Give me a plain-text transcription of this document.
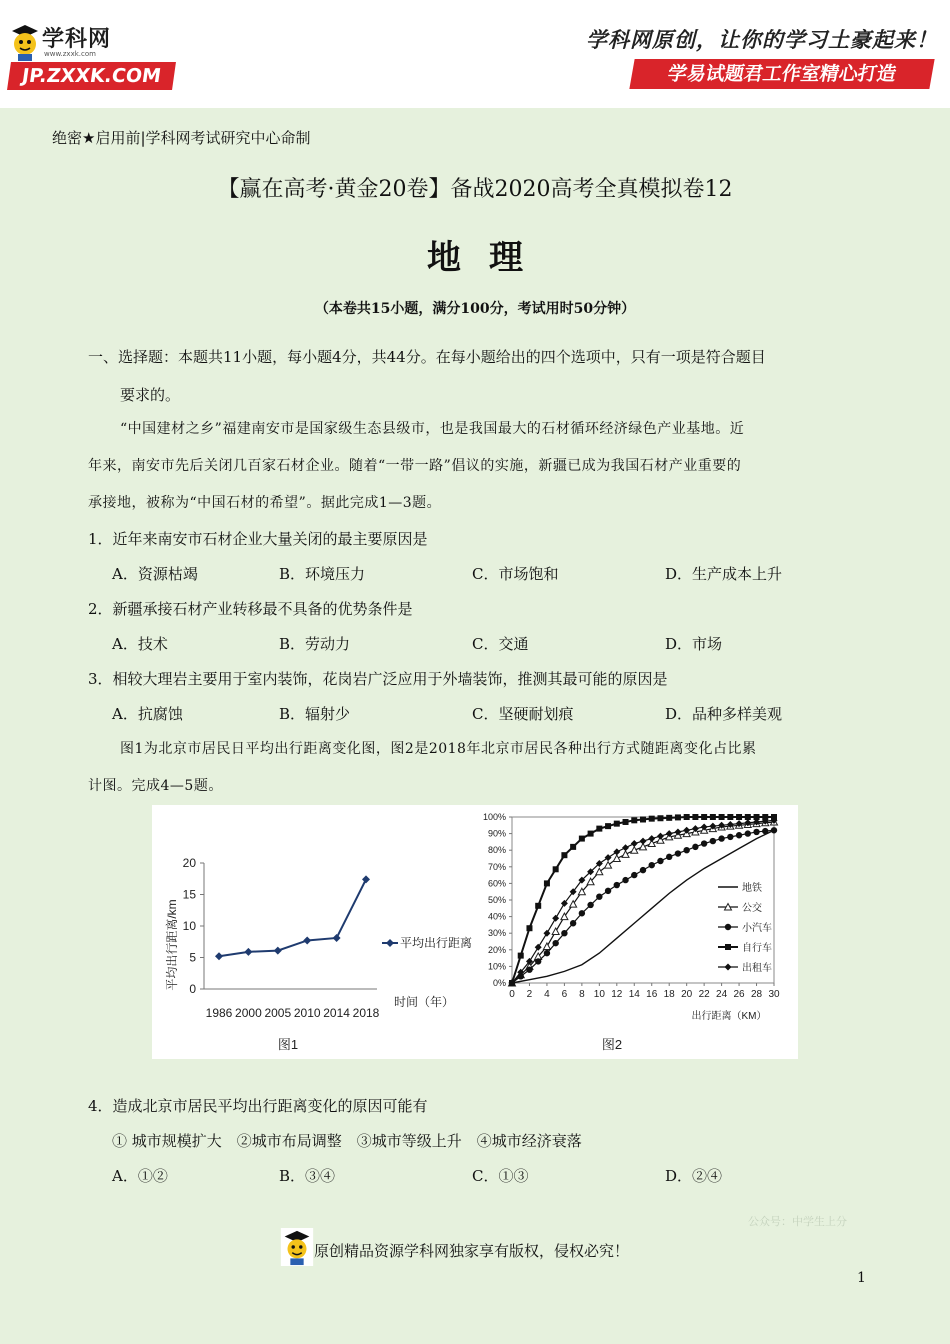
学科网
www.zxxk.com
JP.ZXXK.COM
学科网原创，让你的学习土豪起来！
学易试题君工作室精心打造
绝密★启用前|学科网考试研究中心命制
【赢在高考·黄金20卷】备战2020高考全真模拟卷12
地理
（本卷共15小题，满分100分，考试用时50分钟）
一、选择题：本题共11小题，每小题4分，共44分。在每小题给出的四个选项中，只有一项是符合题目
要求的。
“中国建材之乡”福建南安市是国家级生态县级市，也是我国最大的石材循环经济绿色产业基地。近
年来，南安市先后关闭几百家石材企业。随着“一带一路”倡议的实施，新疆已成为我国石材产业重要的
承接地，被称为“中国石材的希望”。据此完成1—3题。
1．近年来南安市石材企业大量关闭的最主要原因是
A．资源枯竭	B．环境压力	C．市场饱和	D．生产成本上升
2．新疆承接石材产业转移最不具备的优势条件是
A．技术	B．劳动力	C．交通	D．市场
3．相较大理岩主要用于室内装饰，花岗岩广泛应用于外墙装饰，推测其最可能的原因是
A．抗腐蚀	B．辐射少	C．坚硬耐划痕	D．品种多样美观
图1为北京市居民日平均出行距离变化图，图2是2018年北京市居民各种出行方式随距离变化占比累
计图。完成4—5题。
0
5
10
15
20
1986 2000 2005 2010 2014 2018
平均出行距离/km
时间（年）
平均出行距离
图1
0%
10%
20%
30%
40%
50%
60%
70%
80%
90%
100%
0 2 4 6 8 10 12 14 16 18 20 22 24 26 28 30
地铁
公交
小汽车
自行车
出租车
出行距离（KM）
图2
4．造成北京市居民平均出行距离变化的原因可能有
① 城市规模扩大　②城市布局调整　③城市等级上升　④城市经济衰落
A．①②	B．③④	C．①③	D．②④
公众号：中学生上分
原创精品资源学科网独家享有版权，侵权必究！
1
